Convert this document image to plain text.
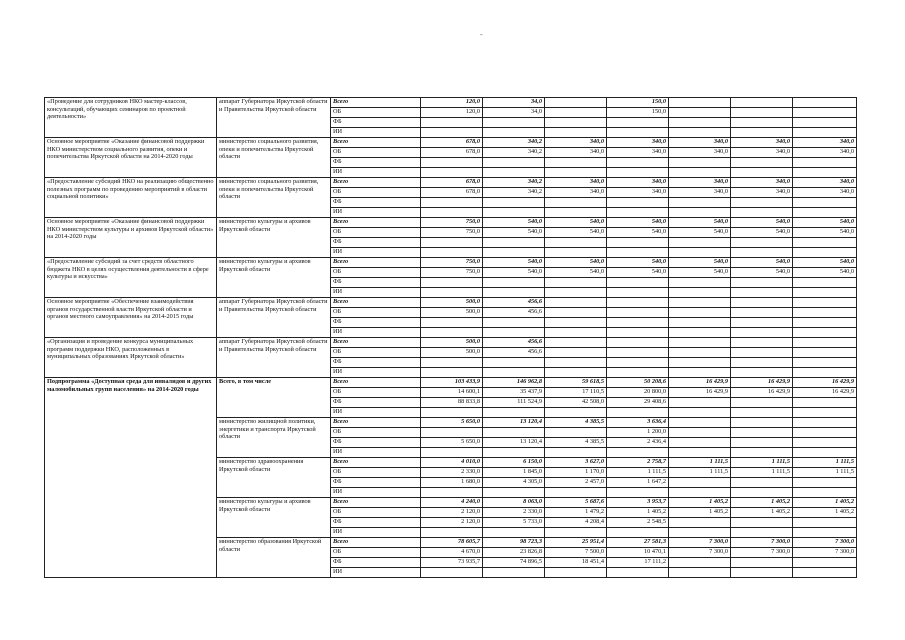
-
«Проведение для сотрудников НКО мастер-классов, консультаций, обучающих семинаров по проектной деятельности»	аппарат Губернатора Иркутской области и Правительства Иркутской области	Всего	120,0	34,0		150,0			
		ОБ	120,0	34,0		150,0			
		ФБ							
		ИИ							
Основное мероприятие «Оказание финансовой поддержки НКО министерством социального развития, опеки и попечительства Иркутской области на 2014-2020 годы	министерство социального развития, опеки и попечительства Иркутской области	Всего	678,0	340,2	340,0	340,0	340,0	340,0	340,0
		ОБ	678,0	340,2	340,0	340,0	340,0	340,0	340,0
		ФБ							
		ИИ							
«Предоставление субсидий НКО на реализацию общественно полезных программ по проведению мероприятий в области социальной политики»	министерство социального развития, опеки и попечительства Иркутской области	Всего	678,0	340,2	340,0	340,0	340,0	340,0	340,0
		ОБ	678,0	340,2	340,0	340,0	340,0	340,0	340,0
		ФБ							
		ИИ							
Основное мероприятие «Оказание финансовой поддержки НКО министерством культуры и архивов Иркутской области» на 2014-2020 годы	министерство культуры и архивов Иркутской области	Всего	750,0	540,0	540,0	540,0	540,0	540,0	540,0
		ОБ	750,0	540,0	540,0	540,0	540,0	540,0	540,0
		ФБ							
		ИИ							
«Предоставление субсидий за счет средств областного бюджета НКО в целях осуществления деятельности в сфере культуры и искусства»	министерство культуры и архивов Иркутской области	Всего	750,0	540,0	540,0	540,0	540,0	540,0	540,0
		ОБ	750,0	540,0	540,0	540,0	540,0	540,0	540,0
		ФБ							
		ИИ							
Основное мероприятие «Обеспечение взаимодействия органов государственной власти Иркутской области и органов местного самоуправления» на 2014-2015 годы	аппарат Губернатора Иркутской области и Правительства Иркутской области	Всего	500,0	456,6					
		ОБ	500,0	456,6					
		ФБ							
		ИИ							
«Организация и проведение конкурса муниципальных программ поддержки НКО, расположенных в муниципальных образованиях Иркутской области»	аппарат Губернатора Иркутской области и Правительства Иркутской области	Всего	500,0	456,6					
		ОБ	500,0	456,6					
		ФБ							
		ИИ							
Подпрограмма «Доступная среда для инвалидов и других маломобильных групп населения» на 2014-2020 годы	Всего, в том числе	Всего	103 433,9	146 962,8	59 618,5	50 208,6	16 429,9	16 429,9	16 429,9
		ОБ	14 600,1	35 437,9	17 110,5	20 800,0	16 429,9	16 429,9	16 429,9
		ФБ	88 833,8	111 524,9	42 508,0	29 408,6			
		ИИ							
	министерство жилищной политики, энергетики и транспорта Иркутской области	Всего	5 650,0	13 120,4	4 385,5	3 636,4			
		ОБ				1 200,0			
		ФБ	5 650,0	13 120,4	4 385,5	2 436,4			
		ИИ							
	министерство здравоохранения Иркутской области	Всего	4 010,0	6 150,0	3 627,0	2 758,7	1 111,5	1 111,5	1 111,5
		ОБ	2 330,0	1 845,0	1 170,0	1 111,5	1 111,5	1 111,5	1 111,5
		ФБ	1 680,0	4 305,0	2 457,0	1 647,2			
		ИИ							
	министерство культуры и архивов Иркутской области	Всего	4 240,0	8 063,0	5 687,6	3 953,7	1 405,2	1 405,2	1 405,2
		ОБ	2 120,0	2 330,0	1 479,2	1 405,2	1 405,2	1 405,2	1 405,2
		ФБ	2 120,0	5 733,0	4 208,4	2 548,5			
		ИИ							
	министерство образования Иркутской области	Всего	78 605,7	98 723,3	25 951,4	27 581,3	7 300,0	7 300,0	7 300,0
		ОБ	4 670,0	23 826,8	7 500,0	10 470,1	7 300,0	7 300,0	7 300,0
		ФБ	73 935,7	74 896,5	18 451,4	17 111,2			
		ИИ							
